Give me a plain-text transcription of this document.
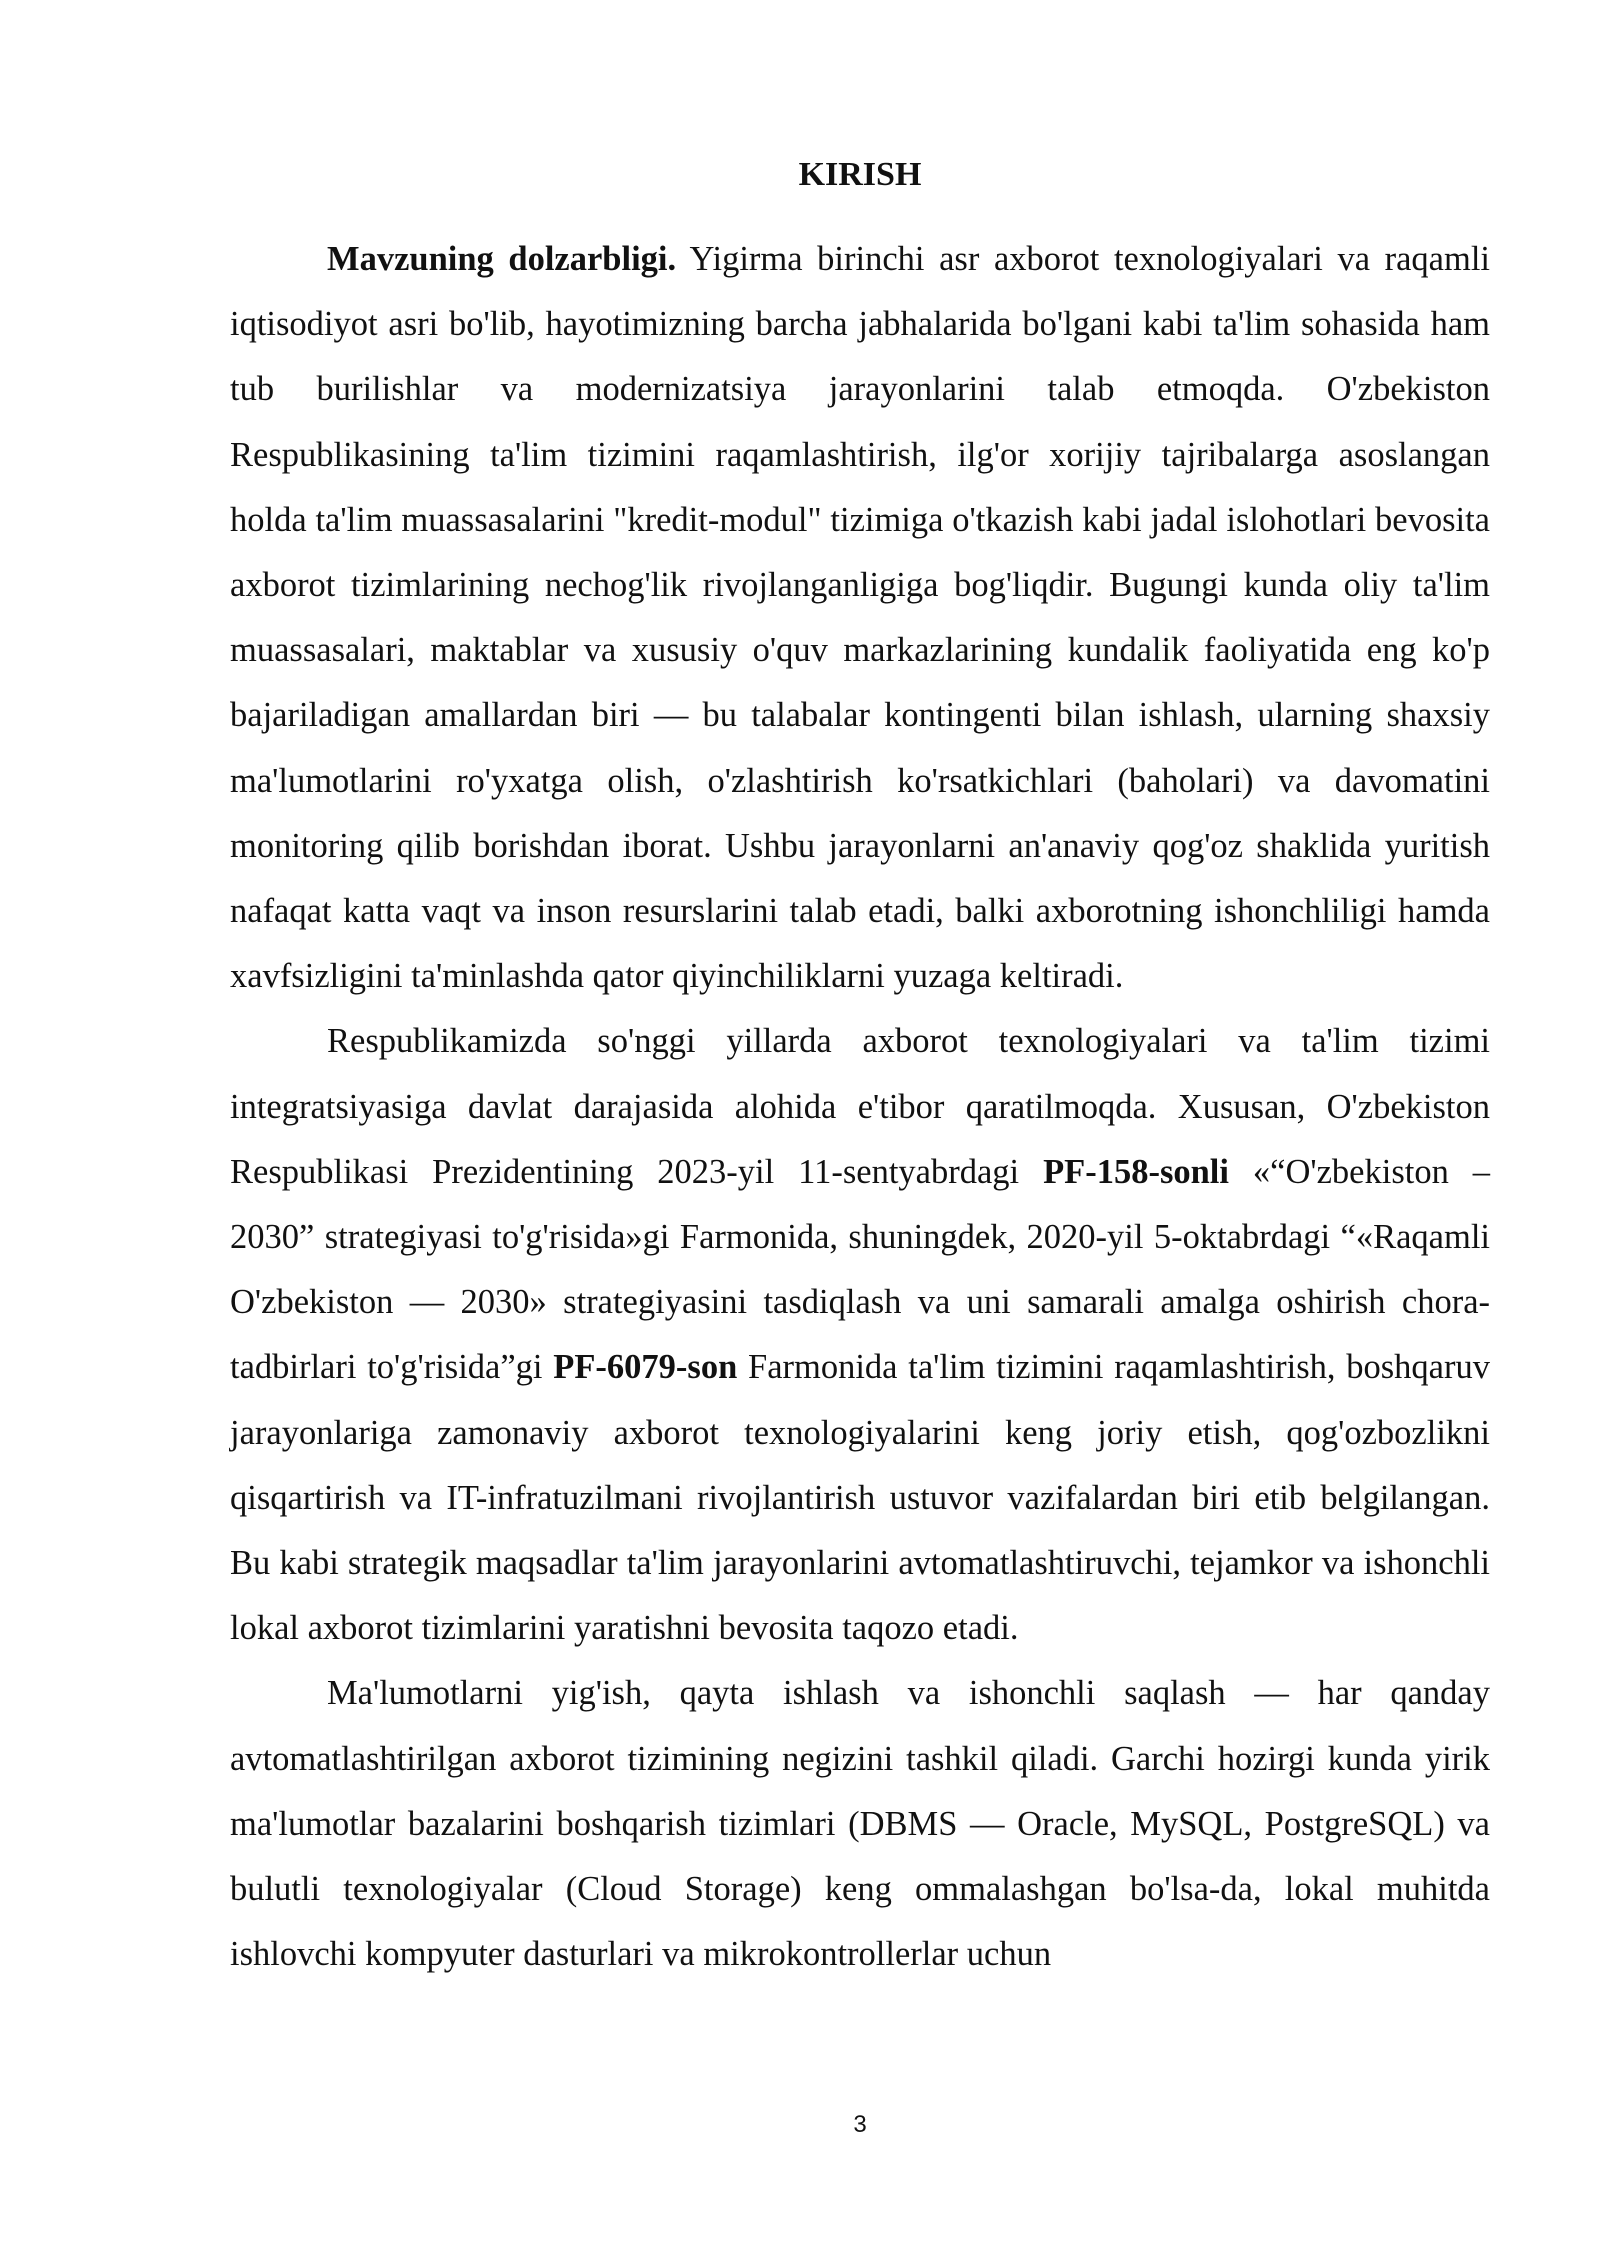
KIRISH

Mavzuning dolzarbligi. Yigirma birinchi asr axborot texnologiyalari va raqamli iqtisodiyot asri bo'lib, hayotimizning barcha jabhalarida bo'lgani kabi ta'lim sohasida ham tub burilishlar va modernizatsiya jarayonlarini talab etmoqda. O'zbekiston Respublikasining ta'lim tizimini raqamlashtirish, ilg'or xorijiy tajribalarga asoslangan holda ta'lim muassasalarini "kredit-modul" tizimiga o'tkazish kabi jadal islohotlari bevosita axborot tizimlarining nechog'lik rivojlanganligiga bog'liqdir. Bugungi kunda oliy ta'lim muassasalari, maktablar va xususiy o'quv markazlarining kundalik faoliyatida eng ko'p bajariladigan amallardan biri — bu talabalar kontingenti bilan ishlash, ularning shaxsiy ma'lumotlarini ro'yxatga olish, o'zlashtirish ko'rsatkichlari (baholari) va davomatini monitoring qilib borishdan iborat. Ushbu jarayonlarni an'anaviy qog'oz shaklida yuritish nafaqat katta vaqt va inson resurslarini talab etadi, balki axborotning ishonchliligi hamda xavfsizligini ta'minlashda qator qiyinchiliklarni yuzaga keltiradi.

Respublikamizda so'nggi yillarda axborot texnologiyalari va ta'lim tizimi integratsiyasiga davlat darajasida alohida e'tibor qaratilmoqda. Xususan, O'zbekiston Respublikasi Prezidentining 2023-yil 11-sentyabrdagi PF-158-sonli «“O'zbekiston – 2030” strategiyasi to'g'risida»gi Farmonida, shuningdek, 2020-yil 5-oktabrdagi “«Raqamli O'zbekiston — 2030» strategiyasini tasdiqlash va uni samarali amalga oshirish chora-tadbirlari to'g'risida”gi PF-6079-son Farmonida ta'lim tizimini raqamlashtirish, boshqaruv jarayonlariga zamonaviy axborot texnologiyalarini keng joriy etish, qog'ozbozlikni qisqartirish va IT-infratuzilmani rivojlantirish ustuvor vazifalardan biri etib belgilangan. Bu kabi strategik maqsadlar ta'lim jarayonlarini avtomatlashtiruvchi, tejamkor va ishonchli lokal axborot tizimlarini yaratishni bevosita taqozo etadi.

Ma'lumotlarni yig'ish, qayta ishlash va ishonchli saqlash — har qanday avtomatlashtirilgan axborot tizimining negizini tashkil qiladi. Garchi hozirgi kunda yirik ma'lumotlar bazalarini boshqarish tizimlari (DBMS — Oracle, MySQL, PostgreSQL) va bulutli texnologiyalar (Cloud Storage) keng ommalashgan bo'lsa-da, lokal muhitda ishlovchi kompyuter dasturlari va mikrokontrollerlar uchun

3
